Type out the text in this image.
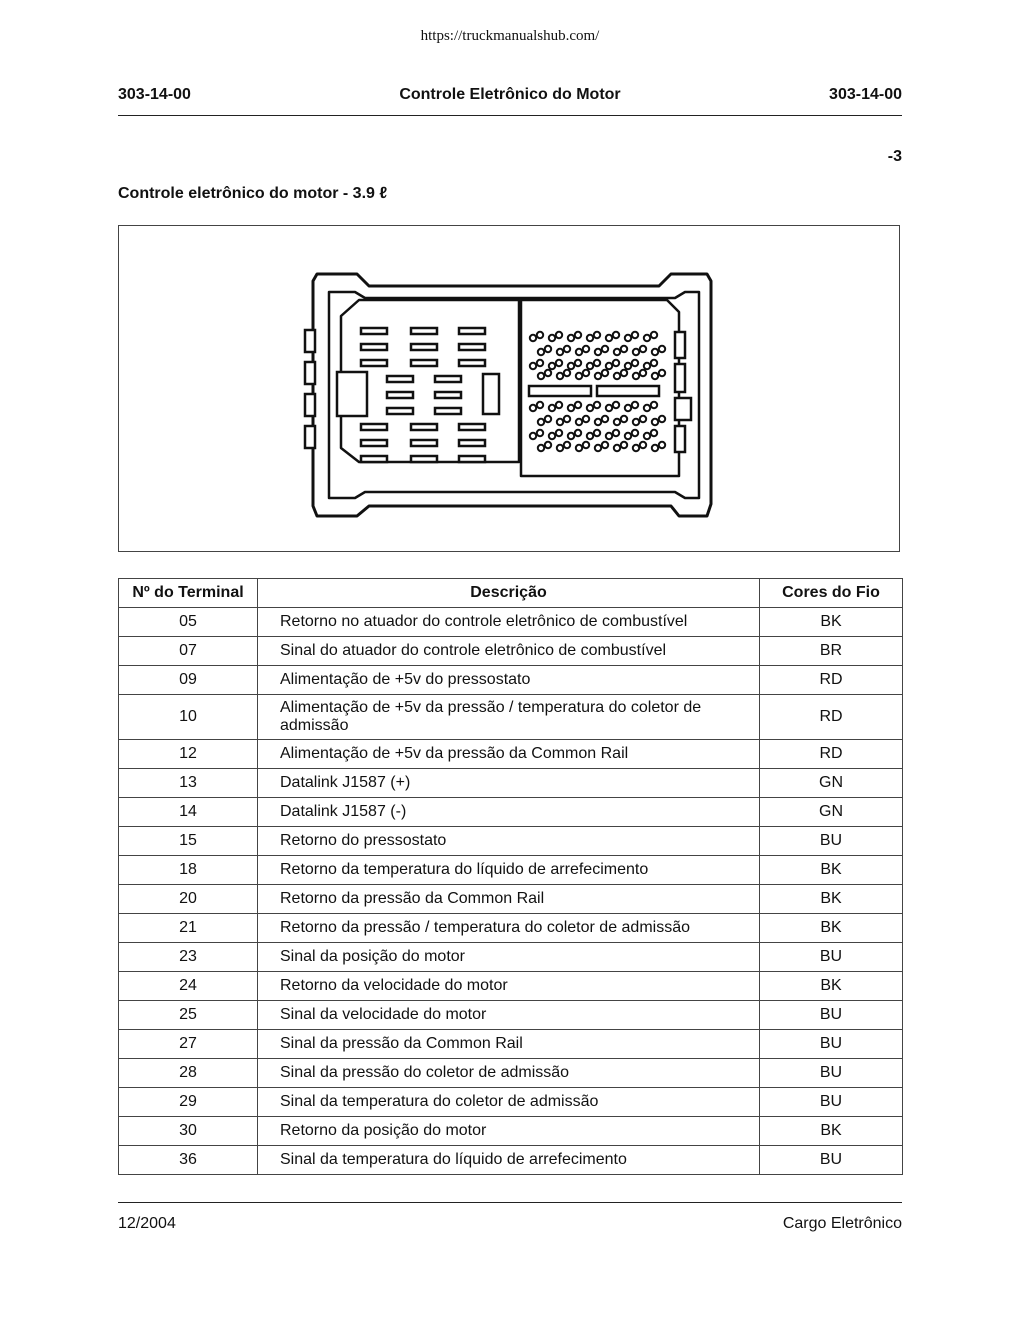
https://truckmanualshub.com/
303-14-00	Controle Eletrônico do Motor	303-14-00
-3
Controle eletrônico do motor - 3.9 ℓ
Nº do Terminal	Descrição	Cores do Fio
05	Retorno no atuador do controle eletrônico de combustível	BK
07	Sinal do atuador do controle eletrônico de combustível	BR
09	Alimentação de +5v do pressostato	RD
10	Alimentação de +5v da pressão / temperatura do coletor de admissão	RD
12	Alimentação de +5v da pressão da Common Rail	RD
13	Datalink J1587 (+)	GN
14	Datalink J1587 (-)	GN
15	Retorno do pressostato	BU
18	Retorno da temperatura do líquido de arrefecimento	BK
20	Retorno da pressão da Common Rail	BK
21	Retorno da pressão / temperatura do coletor de admissão	BK
23	Sinal da posição do motor	BU
24	Retorno da velocidade do motor	BK
25	Sinal da velocidade do motor	BU
27	Sinal da pressão da Common Rail	BU
28	Sinal da pressão do coletor de admissão	BU
29	Sinal da temperatura do coletor de admissão	BU
30	Retorno da posição do motor	BK
36	Sinal da temperatura do líquido de arrefecimento	BU
12/2004	Cargo Eletrônico
